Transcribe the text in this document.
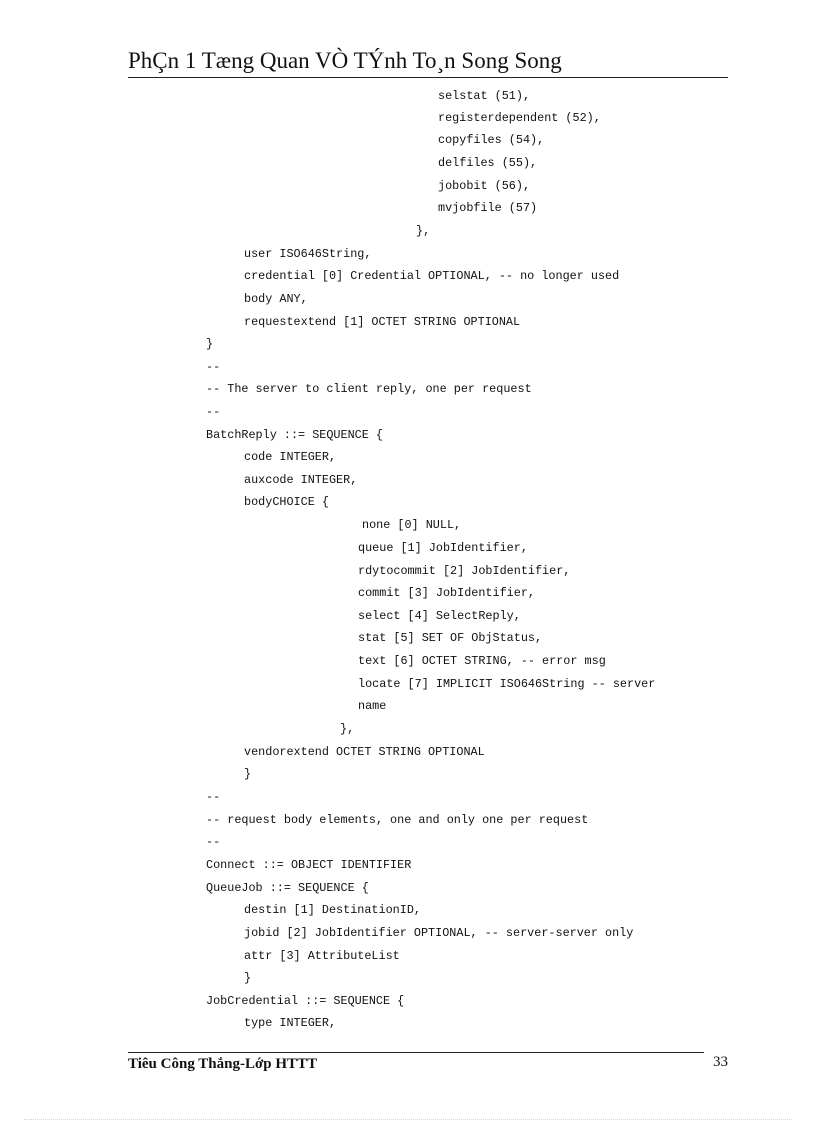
PhÇn 1 Tæng Quan VÒ TÝnh To¸n Song Song
selstat (51),
registerdependent (52),
copyfiles (54),
delfiles (55),
jobobit (56),
mvjobfile (57)
},
user ISO646String,
credential [0] Credential OPTIONAL, -- no longer used
body ANY,
requestextend [1] OCTET STRING OPTIONAL
}
--
-- The server to client reply, one per request
--
BatchReply ::= SEQUENCE {
code INTEGER,
auxcode INTEGER,
bodyCHOICE {
none [0] NULL,
queue [1] JobIdentifier,
rdytocommit [2] JobIdentifier,
commit [3] JobIdentifier,
select [4] SelectReply,
stat [5] SET OF ObjStatus,
text [6] OCTET STRING, -- error msg
locate [7] IMPLICIT ISO646String -- server
name
},
vendorextend OCTET STRING OPTIONAL
}
--
-- request body elements, one and only one per request
--
Connect ::= OBJECT IDENTIFIER
QueueJob ::= SEQUENCE {
destin [1] DestinationID,
jobid [2] JobIdentifier OPTIONAL, -- server-server only
attr [3] AttributeList
}
JobCredential ::= SEQUENCE {
type INTEGER,
Tiêu Công Thắng-Lớp HTTT	33
